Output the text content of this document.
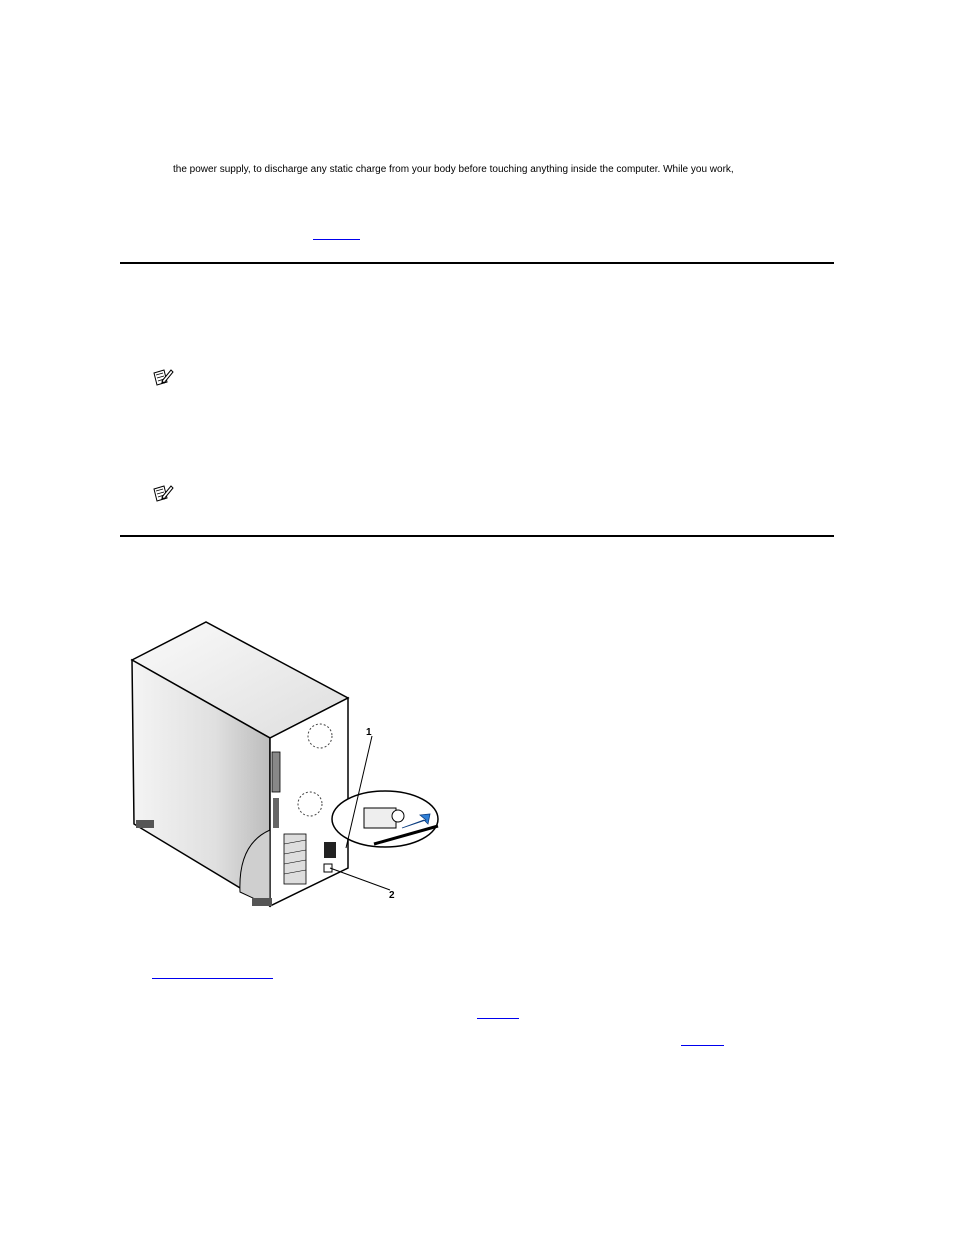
the power supply, to discharge any static charge from your body before touching anything inside the computer. While you work,
1
2
